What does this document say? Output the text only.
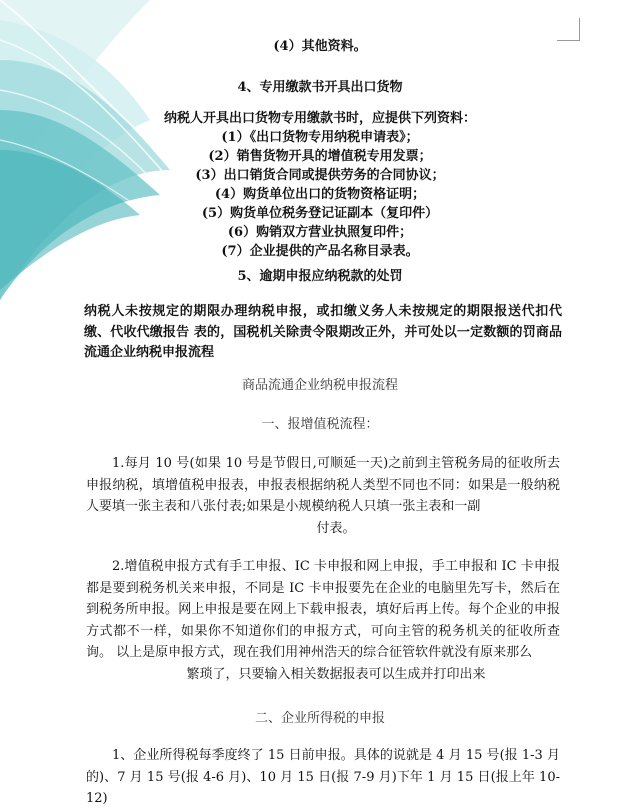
(4）其他资料。
4、专用缴款书开具出口货物
纳税人开具出口货物专用缴款书时，应提供下列资料：
(1）《出口货物专用纳税申请表》；
(2）销售货物开具的增值税专用发票；
(3）出口销货合同或提供劳务的合同协议；
(4）购货单位出口的货物资格证明；
(5）购货单位税务登记证副本（复印件）
(6）购销双方营业执照复印件；
(7）企业提供的产品名称目录表。
5、逾期申报应纳税款的处罚
纳税人未按规定的期限办理纳税申报，或扣缴义务人未按规定的期限报送代扣代缴、代收代缴报告 表的，国税机关除责令限期改正外，并可处以一定数额的罚商品流通企业纳税申报流程
商品流通企业纳税申报流程
一、报增值税流程：
1.每月 10 号(如果 10 号是节假日,可顺延一天)之前到主管税务局的征收所去申报纳税，填增值税申报表，申报表根据纳税人类型不同也不同：如果是一般纳税人要填一张主表和八张付表;如果是小规模纳税人只填一张主表和一副
付表。
2.增值税申报方式有手工申报、IC 卡申报和网上申报，手工申报和 IC 卡申报都是要到税务机关来申报，不同是 IC 卡申报要先在企业的电脑里先写卡，然后在到税务所申报。网上申报是要在网上下载申报表，填好后再上传。每个企业的申报方式都不一样，如果你不知道你们的申报方式，可向主管的税务机关的征收所查询。 以上是原申报方式，现在我们用神州浩天的综合征管软件就没有原来那么
繁琐了，只要输入相关数据报表可以生成并打印出来
二、企业所得税的申报
1、企业所得税每季度终了 15 日前申报。具体的说就是 4 月 15 号(报 1-3 月的)、7 月 15 号(报 4-6 月)、10 月 15 日(报 7-9 月)下年 1 月 15 日(报上年 10-12)
